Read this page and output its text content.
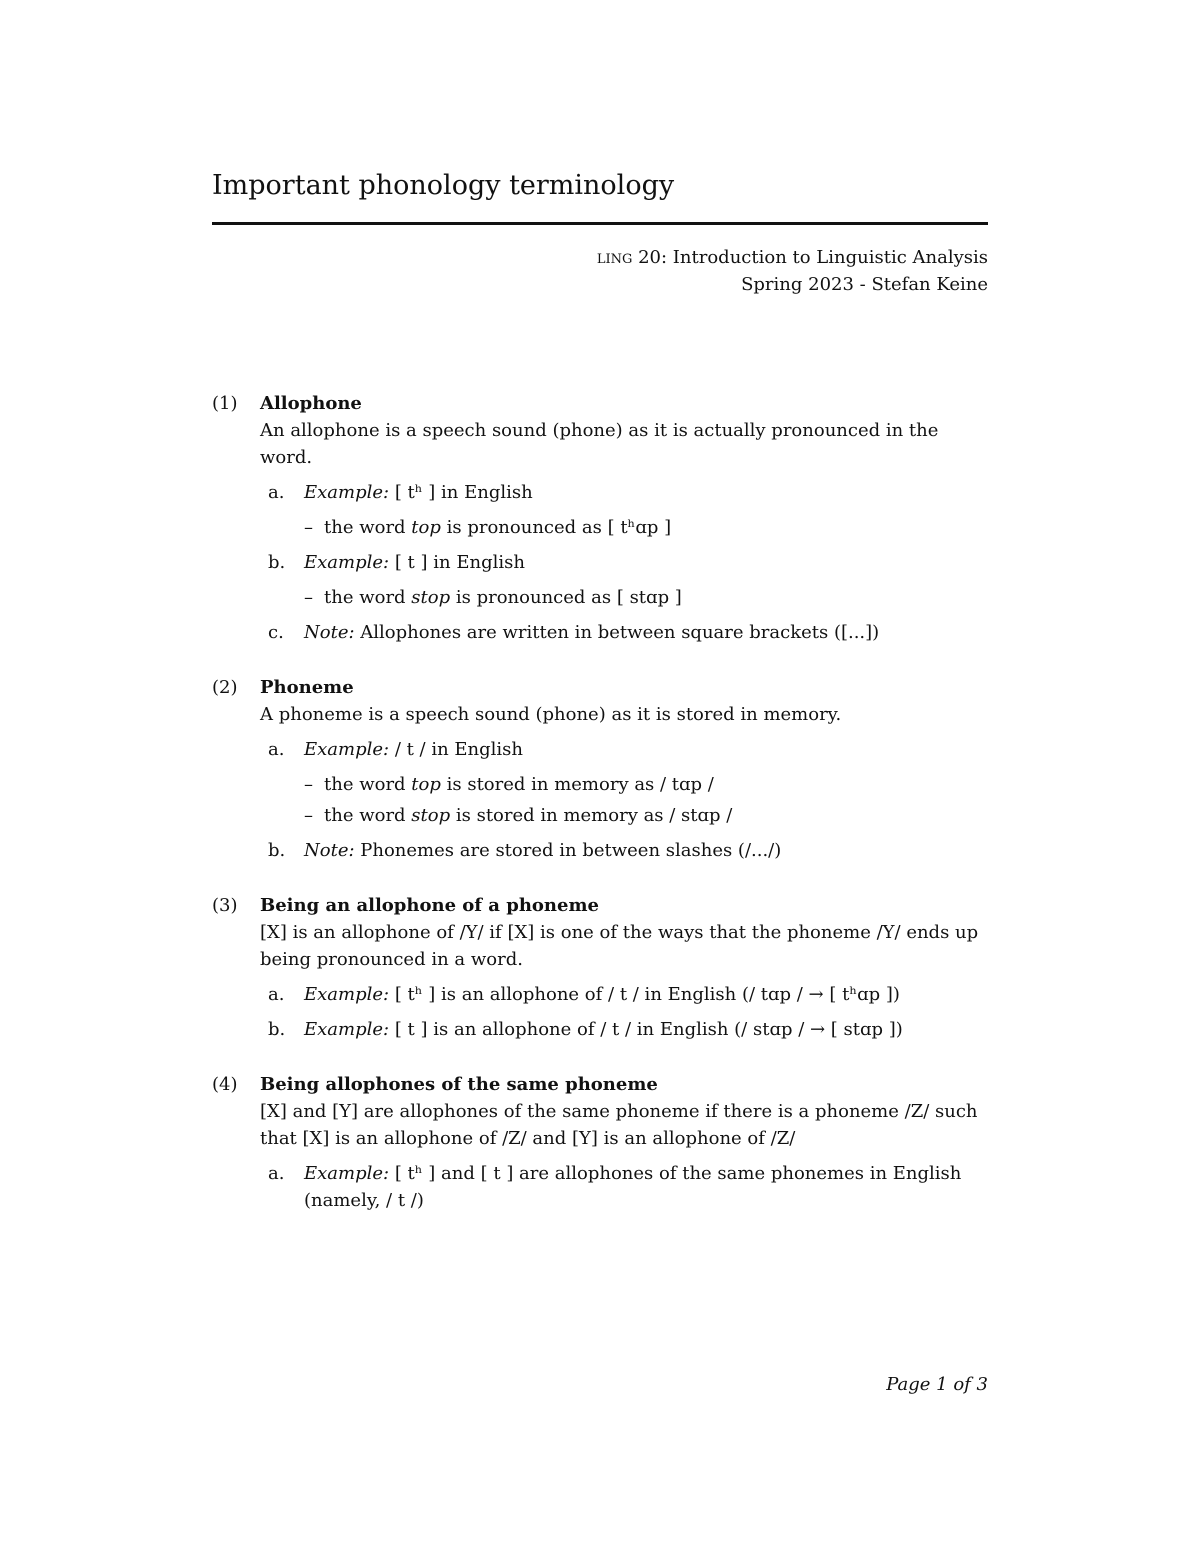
Important phonology terminology
ling 20: Introduction to Linguistic Analysis
Spring 2023 - Stefan Keine
(1) Allophone
An allophone is a speech sound (phone) as it is actually pronounced in the word.
a. Example: [ tʰ ] in English
– the word top is pronounced as [ tʰɑp ]
b. Example: [ t ] in English
– the word stop is pronounced as [ stɑp ]
c. Note: Allophones are written in between square brackets ([...])
(2) Phoneme
A phoneme is a speech sound (phone) as it is stored in memory.
a. Example: / t / in English
– the word top is stored in memory as / tɑp /
– the word stop is stored in memory as / stɑp /
b. Note: Phonemes are stored in between slashes (/.../)
(3) Being an allophone of a phoneme
[X] is an allophone of /Y/ if [X] is one of the ways that the phoneme /Y/ ends up being pronounced in a word.
a. Example: [ tʰ ] is an allophone of / t / in English (/ tɑp / → [ tʰɑp ])
b. Example: [ t ] is an allophone of / t / in English (/ stɑp / → [ stɑp ])
(4) Being allophones of the same phoneme
[X] and [Y] are allophones of the same phoneme if there is a phoneme /Z/ such that [X] is an allophone of /Z/ and [Y] is an allophone of /Z/
a. Example: [ tʰ ] and [ t ] are allophones of the same phonemes in English (namely, / t /)
Page 1 of 3
